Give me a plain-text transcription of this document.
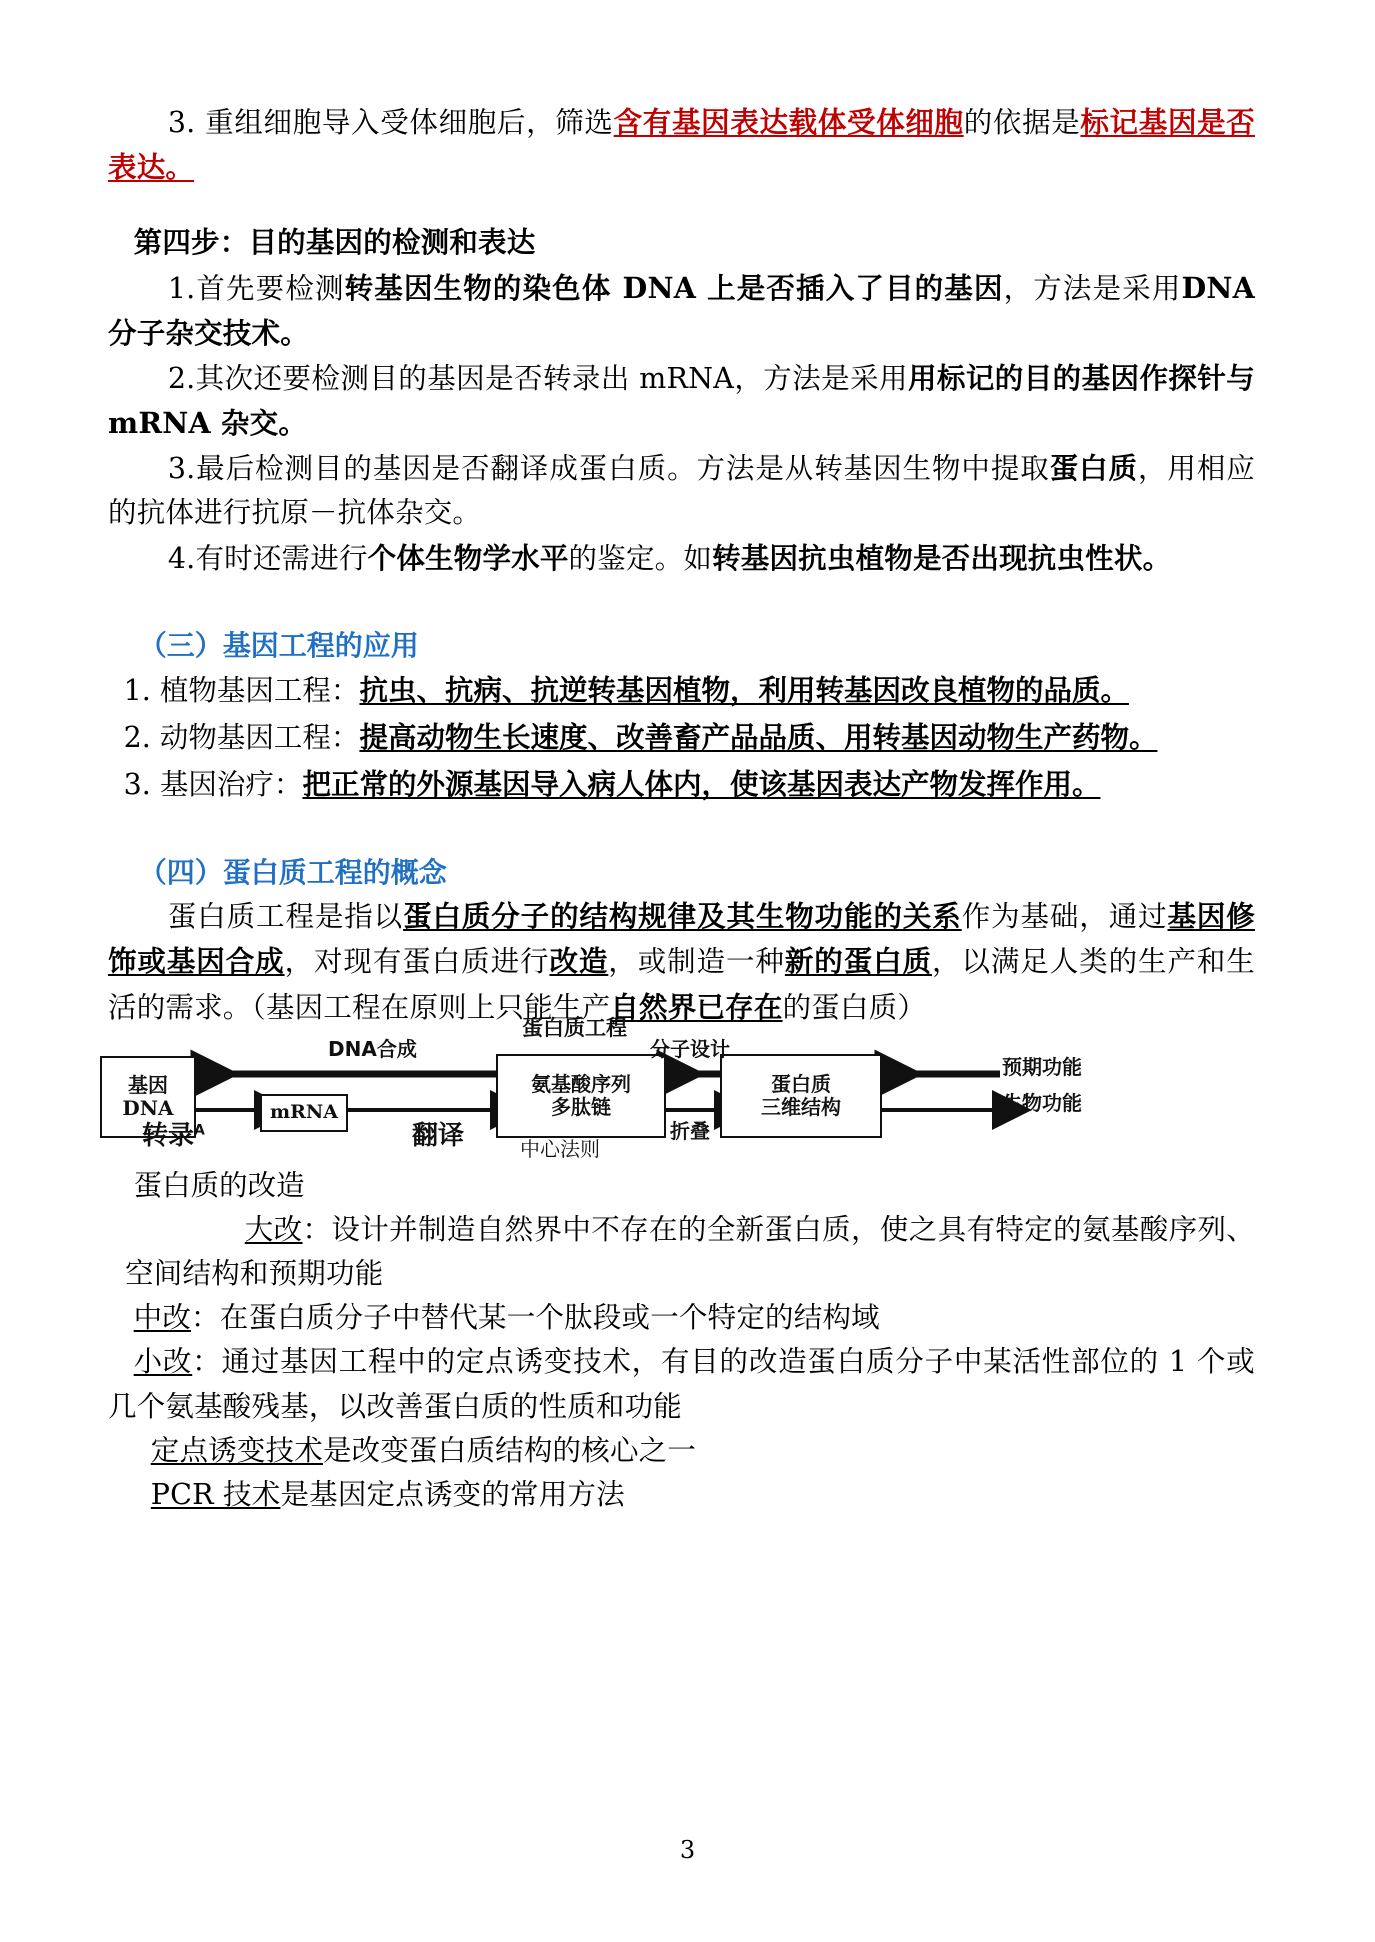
3. 重组细胞导入受体细胞后，筛选含有基因表达载体受体细胞的依据是标记基因是否表达。

第四步：目的基因的检测和表达

1.首先要检测转基因生物的染色体 DNA 上是否插入了目的基因，方法是采用DNA 分子杂交技术。

2.其次还要检测目的基因是否转录出 mRNA，方法是采用用标记的目的基因作探针与 mRNA 杂交。

3.最后检测目的基因是否翻译成蛋白质。方法是从转基因生物中提取蛋白质，用相应的抗体进行抗原－抗体杂交。

4.有时还需进行个体生物学水平的鉴定。如转基因抗虫植物是否出现抗虫性状。

（三）基因工程的应用

1. 植物基因工程：抗虫、抗病、抗逆转基因植物，利用转基因改良植物的品质。

2. 动物基因工程：提高动物生长速度、改善畜产品品质、用转基因动物生产药物。

3. 基因治疗：把正常的外源基因导入病人体内，使该基因表达产物发挥作用。

（四）蛋白质工程的概念

蛋白质工程是指以蛋白质分子的结构规律及其生物功能的关系作为基础，通过基因修饰或基因合成，对现有蛋白质进行改造，或制造一种新的蛋白质，以满足人类的生产和生活的需求。（基因工程在原则上只能生产自然界已存在的蛋白质）

蛋白质工程
基因
DNA	mRNA
氨基酸序列
多肽链
蛋白质
三维结构
DNA合成
转录$^A$	翻译
分子设计
折叠
中心法则
预期功能
生物功能

蛋白质的改造

大改：设计并制造自然界中不存在的全新蛋白质，使之具有特定的氨基酸序列、空间结构和预期功能

中改：在蛋白质分子中替代某一个肽段或一个特定的结构域

小改：通过基因工程中的定点诱变技术，有目的改造蛋白质分子中某活性部位的 1 个或几个氨基酸残基，以改善蛋白质的性质和功能

定点诱变技术是改变蛋白质结构的核心之一

PCR 技术是基因定点诱变的常用方法

3
